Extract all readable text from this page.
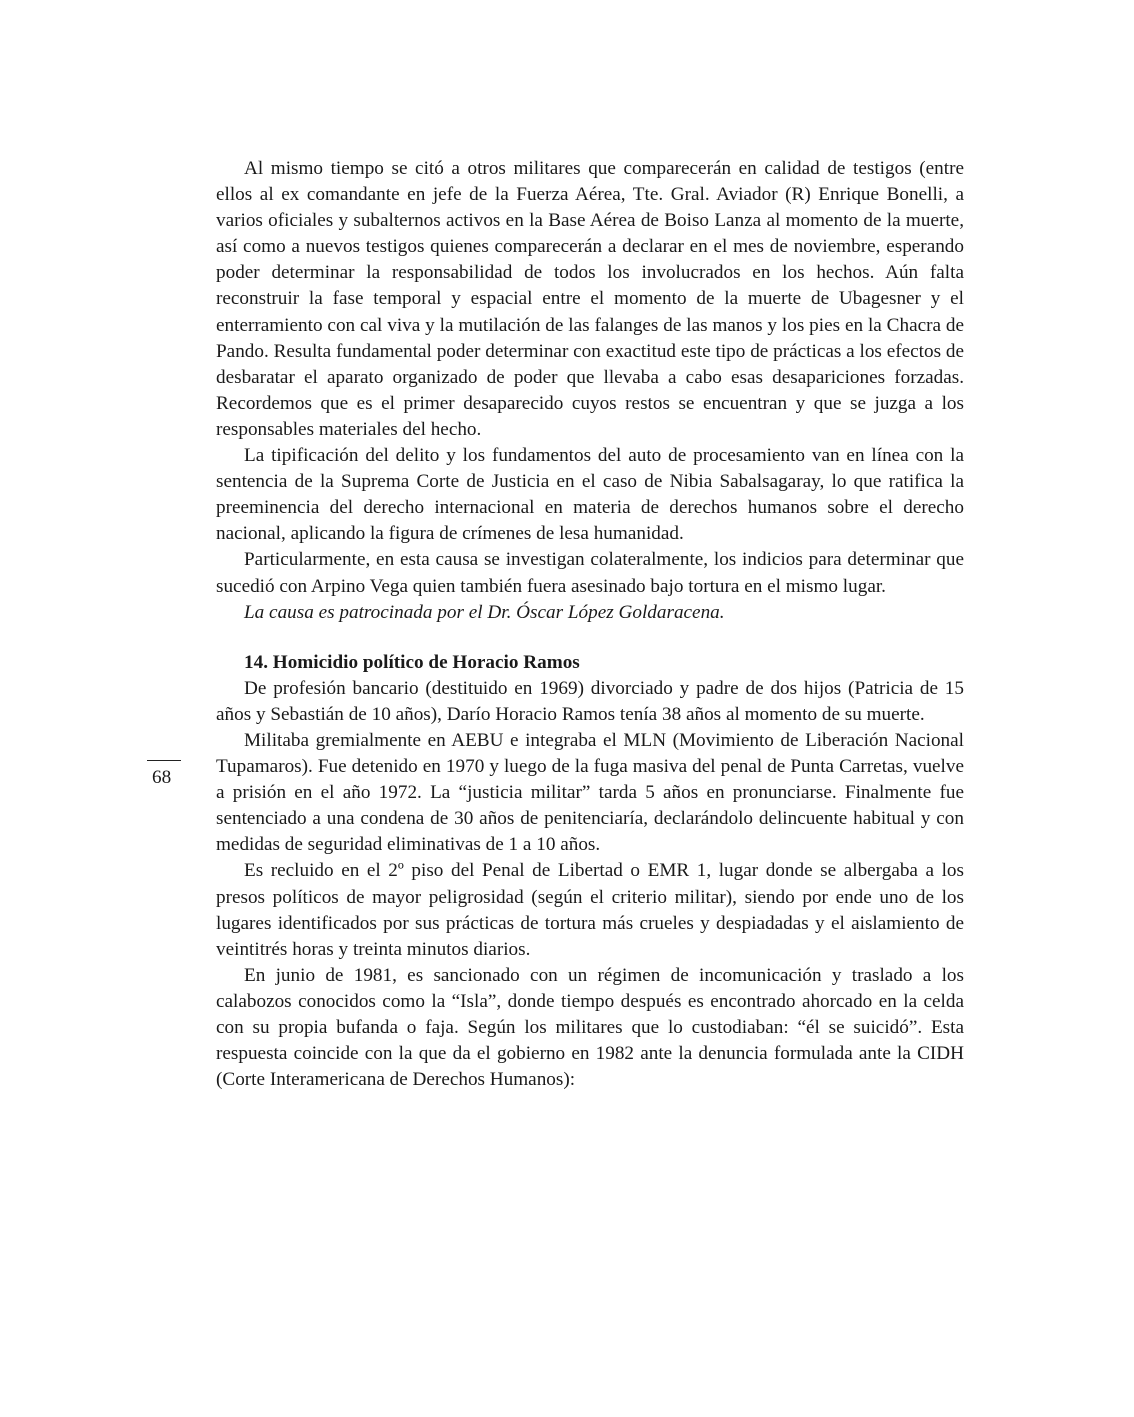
Al mismo tiempo se citó a otros militares que comparecerán en calidad de testigos (entre ellos al ex comandante en jefe de la Fuerza Aérea, Tte. Gral. Aviador (R) Enrique Bonelli, a varios oficiales y subalternos activos en la Base Aérea de Boiso Lanza al momento de la muerte, así como a nuevos testigos quienes comparecerán a declarar en el mes de noviembre, esperando poder determinar la responsabilidad de todos los involucrados en los hechos. Aún falta reconstruir la fase temporal y espacial entre el momento de la muerte de Ubagesner y el enterramiento con cal viva y la mutilación de las falanges de las manos y los pies en la Chacra de Pando. Resulta fundamental poder determinar con exactitud este tipo de prácticas a los efectos de desbaratar el aparato organizado de poder que llevaba a cabo esas desapariciones forzadas. Recordemos que es el primer desaparecido cuyos restos se encuentran y que se juzga a los responsables materiales del hecho.

La tipificación del delito y los fundamentos del auto de procesamiento van en línea con la sentencia de la Suprema Corte de Justicia en el caso de Nibia Sabalsagaray, lo que ratifica la preeminencia del derecho internacional en materia de derechos humanos sobre el derecho nacional, aplicando la figura de crímenes de lesa humanidad.

Particularmente, en esta causa se investigan colateralmente, los indicios para determinar que sucedió con Arpino Vega quien también fuera asesinado bajo tortura en el mismo lugar.

La causa es patrocinada por el Dr. Óscar López Goldaracena.

14. Homicidio político de Horacio Ramos

De profesión bancario (destituido en 1969) divorciado y padre de dos hijos (Patricia de 15 años y Sebastián de 10 años), Darío Horacio Ramos tenía 38 años al momento de su muerte.

Militaba gremialmente en AEBU e integraba el MLN (Movimiento de Liberación Nacional Tupamaros). Fue detenido en 1970 y luego de la fuga masiva del penal de Punta Carretas, vuelve a prisión en el año 1972. La “justicia militar” tarda 5 años en pronunciarse. Finalmente fue sentenciado a una condena de 30 años de penitenciaría, declarándolo delincuente habitual y con medidas de seguridad eliminativas de 1 a 10 años.

Es recluido en el 2º piso del Penal de Libertad o EMR 1, lugar donde se albergaba a los presos políticos de mayor peligrosidad (según el criterio militar), siendo por ende uno de los lugares identificados por sus prácticas de tortura más crueles y despiadadas y el aislamiento de veintitrés horas y treinta minutos diarios.

En junio de 1981, es sancionado con un régimen de incomunicación y traslado a los calabozos conocidos como la “Isla”, donde tiempo después es encontrado ahorcado en la celda con su propia bufanda o faja. Según los militares que lo custodiaban: “él se suicidó”. Esta respuesta coincide con la que da el gobierno en 1982 ante la denuncia formulada ante la CIDH (Corte Interamericana de Derechos Humanos):

68
